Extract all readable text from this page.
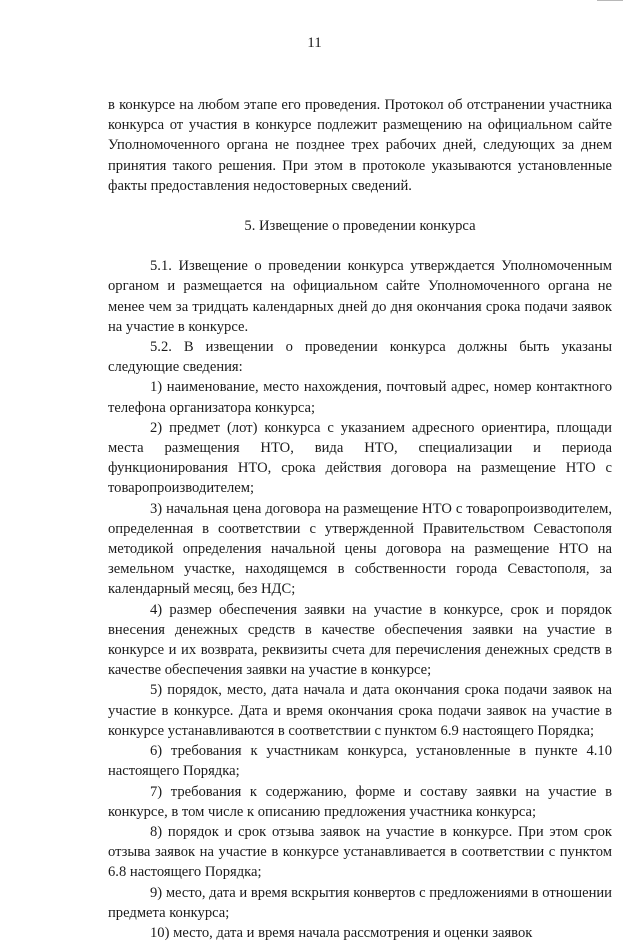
11

в конкурсе на любом этапе его проведения. Протокол об отстранении участника конкурса от участия в конкурсе подлежит размещению на официальном сайте Уполномоченного органа не позднее трех рабочих дней, следующих за днем принятия такого решения. При этом в протоколе указываются установленные факты предоставления недостоверных сведений.

5. Извещение о проведении конкурса

5.1. Извещение о проведении конкурса утверждается Уполномоченным органом и размещается на официальном сайте Уполномоченного органа не менее чем за тридцать календарных дней до дня окончания срока подачи заявок на участие в конкурсе.

5.2. В извещении о проведении конкурса должны быть указаны следующие сведения:

1) наименование, место нахождения, почтовый адрес, номер контактного телефона организатора конкурса;

2) предмет (лот) конкурса с указанием адресного ориентира, площади места размещения НТО, вида НТО, специализации и периода функционирования НТО, срока действия договора на размещение НТО с товаропроизводителем;

3) начальная цена договора на размещение НТО с товаропроизводителем, определенная в соответствии с утвержденной Правительством Севастополя методикой определения начальной цены договора на размещение НТО на земельном участке, находящемся в собственности города Севастополя, за календарный месяц, без НДС;

4) размер обеспечения заявки на участие в конкурсе, срок и порядок внесения денежных средств в качестве обеспечения заявки на участие в конкурсе и их возврата, реквизиты счета для перечисления денежных средств в качестве обеспечения заявки на участие в конкурсе;

5) порядок, место, дата начала и дата окончания срока подачи заявок на участие в конкурсе. Дата и время окончания срока подачи заявок на участие в конкурсе устанавливаются в соответствии с пунктом 6.9 настоящего Порядка;

6) требования к участникам конкурса, установленные в пункте 4.10 настоящего Порядка;

7) требования к содержанию, форме и составу заявки на участие в конкурсе, в том числе к описанию предложения участника конкурса;

8) порядок и срок отзыва заявок на участие в конкурсе. При этом срок отзыва заявок на участие в конкурсе устанавливается в соответствии с пунктом 6.8 настоящего Порядка;

9) место, дата и время вскрытия конвертов с предложениями в отношении предмета конкурса;

10) место, дата и время начала рассмотрения и оценки заявок
